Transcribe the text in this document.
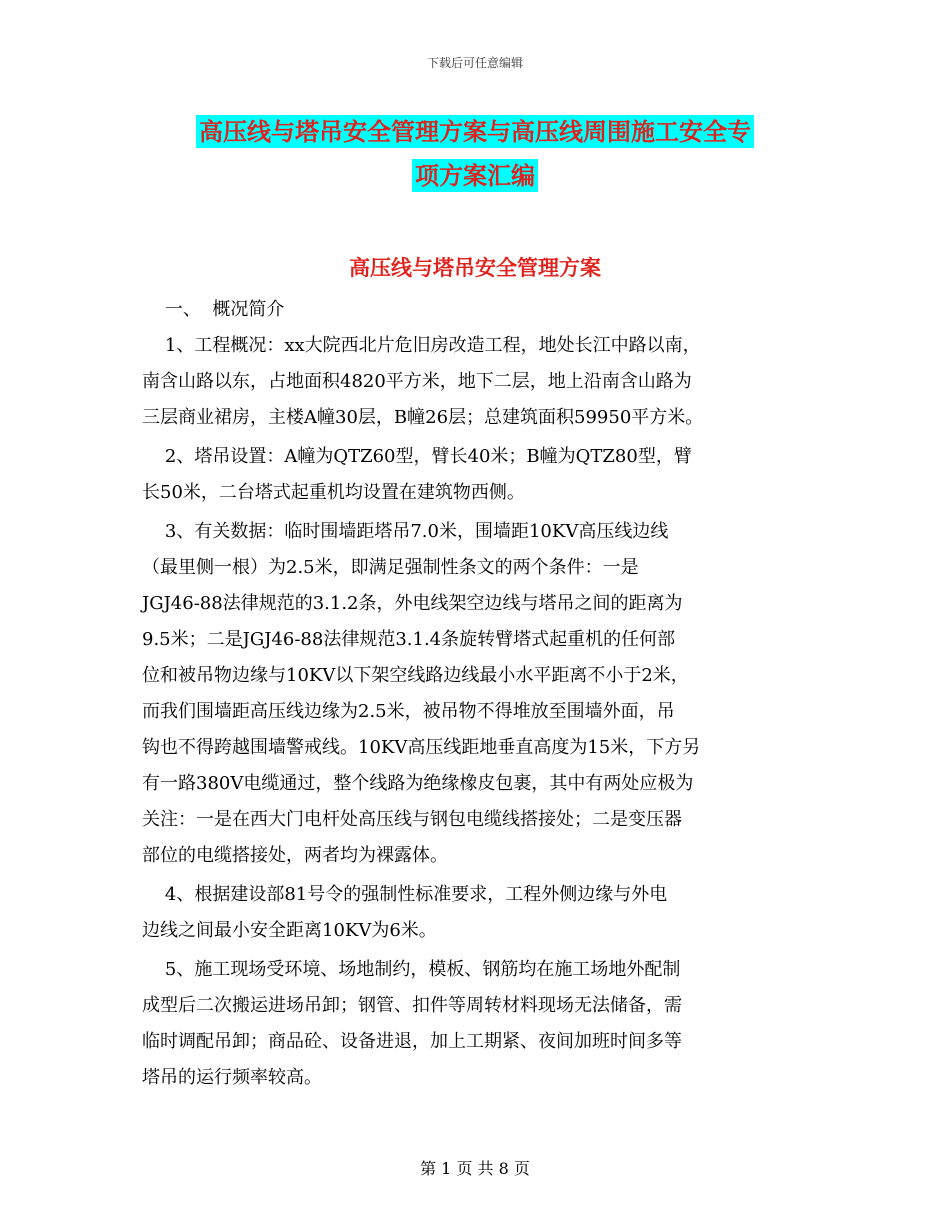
下载后可任意编辑
高压线与塔吊安全管理方案与高压线周围施工安全专
项方案汇编
高压线与塔吊安全管理方案
一、  概况简介
1、工程概况：xx大院西北片危旧房改造工程，地处长江中路以南，
南含山路以东，占地面积4820平方米，地下二层，地上沿南含山路为
三层商业裙房，主楼A幢30层，B幢26层；总建筑面积59950平方米。
2、塔吊设置：A幢为QTZ60型，臂长40米；B幢为QTZ80型，臂
长50米，二台塔式起重机均设置在建筑物西侧。
3、有关数据：临时围墙距塔吊7.0米，围墙距10KV高压线边线
（最里侧一根）为2.5米，即满足强制性条文的两个条件：一是
JGJ46-88法律规范的3.1.2条，外电线架空边线与塔吊之间的距离为
9.5米；二是JGJ46-88法律规范3.1.4条旋转臂塔式起重机的任何部
位和被吊物边缘与10KV以下架空线路边线最小水平距离不小于2米，
而我们围墙距高压线边缘为2.5米，被吊物不得堆放至围墙外面，吊
钩也不得跨越围墙警戒线。10KV高压线距地垂直高度为15米，下方另
有一路380V电缆通过，整个线路为绝缘橡皮包裹，其中有两处应极为
关注：一是在西大门电杆处高压线与钢包电缆线搭接处；二是变压器
部位的电缆搭接处，两者均为裸露体。
4、根据建设部81号令的强制性标准要求，工程外侧边缘与外电
边线之间最小安全距离10KV为6米。
5、施工现场受环境、场地制约，模板、钢筋均在施工场地外配制
成型后二次搬运进场吊卸；钢管、扣件等周转材料现场无法储备，需
临时调配吊卸；商品砼、设备进退，加上工期紧、夜间加班时间多等
塔吊的运行频率较高。
第 1 页 共 8 页
